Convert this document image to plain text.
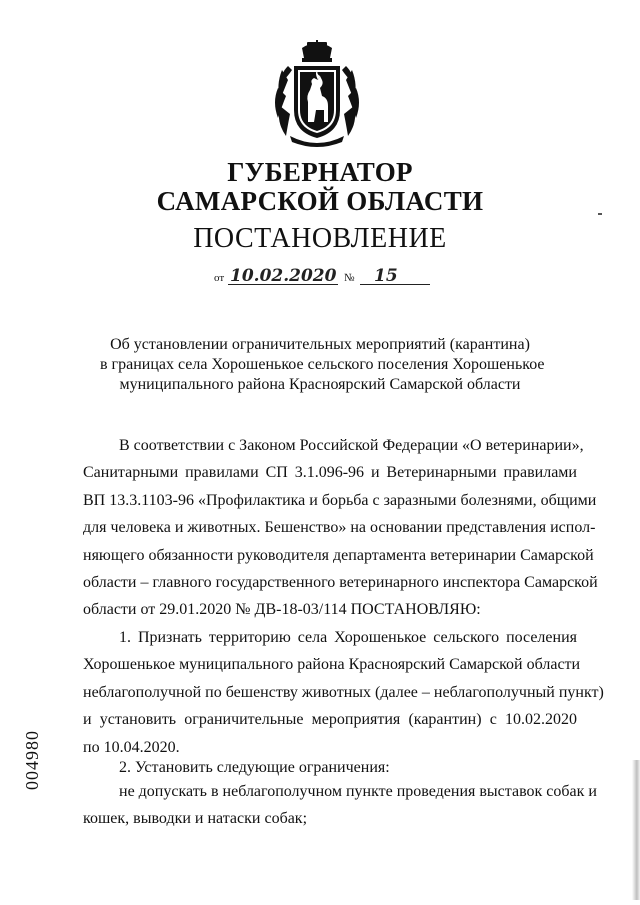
ГУБЕРНАТОР
САМАРСКОЙ ОБЛАСТИ
ПОСТАНОВЛЕНИЕ
от 10.02.2020 № 15
Об установлении ограничительных мероприятий (карантина)
в границах села Хорошенькое сельского поселения Хорошенькое
муниципального района Красноярский Самарской области

В соответствии с Законом Российской Федерации «О ветеринарии»,
Санитарными правилами СП 3.1.096-96 и Ветеринарными правилами
ВП 13.3.1103-96 «Профилактика и борьба с заразными болезнями, общими
для человека и животных. Бешенство» на основании представления испол-
няющего обязанности руководителя департамента ветеринарии Самарской
области – главного государственного ветеринарного инспектора Самарской
области от 29.01.2020 № ДВ-18-03/114 ПОСТАНОВЛЯЮ:

1. Признать территорию села Хорошенькое сельского поселения
Хорошенькое муниципального района Красноярский Самарской области
неблагополучной по бешенству животных (далее – неблагополучный пункт)
и установить ограничительные мероприятия (карантин) с 10.02.2020
по 10.04.2020.

2. Установить следующие ограничения:

не допускать в неблагополучном пункте проведения выставок собак и
кошек, выводки и натаски собак;

004980
